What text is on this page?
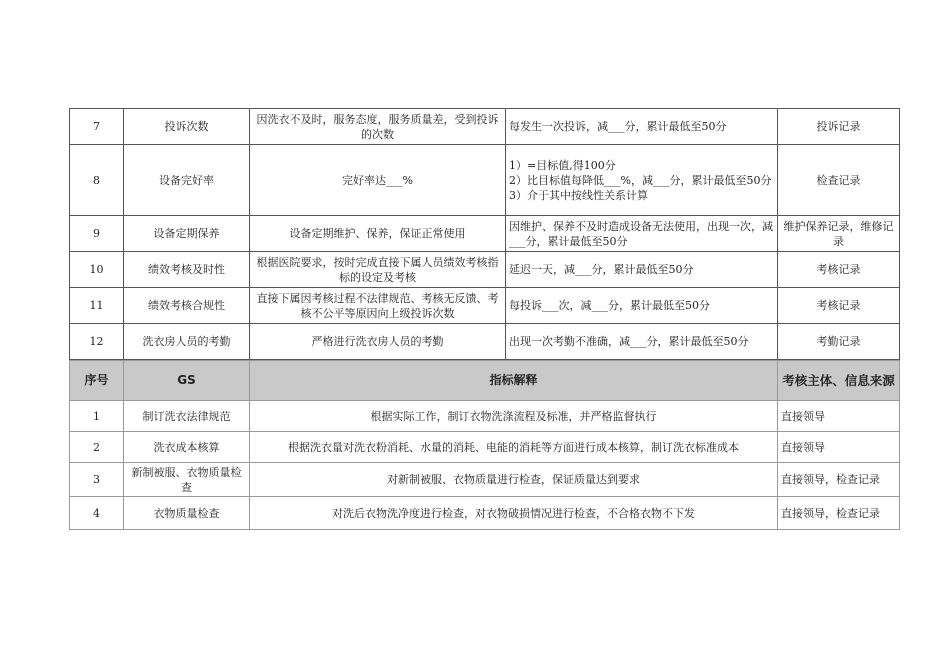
7	投诉次数	因洗衣不及时，服务态度，服务质量差，受到投诉的次数	每发生一次投诉，减___分，累计最低至50分	投诉记录
8	设备完好率	完好率达___%	1）=目标值,得100分
2）比目标值每降低___%，减___分，累计最低至50分
3）介于其中按线性关系计算	检查记录
9	设备定期保养	设备定期维护、保养，保证正常使用	因维护、保养不及时造成设备无法使用，出现一次，减___分，累计最低至50分	维护保养记录，维修记录
10	绩效考核及时性	根据医院要求，按时完成直接下属人员绩效考核指标的设定及考核	延迟一天，减___分，累计最低至50分	考核记录
11	绩效考核合规性	直接下属因考核过程不法律规范、考核无反馈、考核不公平等原因向上级投诉次数	每投诉___次，减___分，累计最低至50分	考核记录
12	洗衣房人员的考勤	严格进行洗衣房人员的考勤	出现一次考勤不准确，减___分，累计最低至50分	考勤记录
序号	GS	指标解释	考核主体、信息来源
1	制订洗衣法律规范	根据实际工作，制订衣物洗涤流程及标准，并严格监督执行	直接领导
2	洗衣成本核算	根据洗衣量对洗衣粉消耗、水量的消耗、电能的消耗等方面进行成本核算，制订洗衣标准成本	直接领导
3	新制被服、衣物质量检查	对新制被服、衣物质量进行检查，保证质量达到要求	直接领导，检查记录
4	衣物质量检查	对洗后衣物洗净度进行检查，对衣物破损情况进行检查，不合格衣物不下发	直接领导，检查记录
